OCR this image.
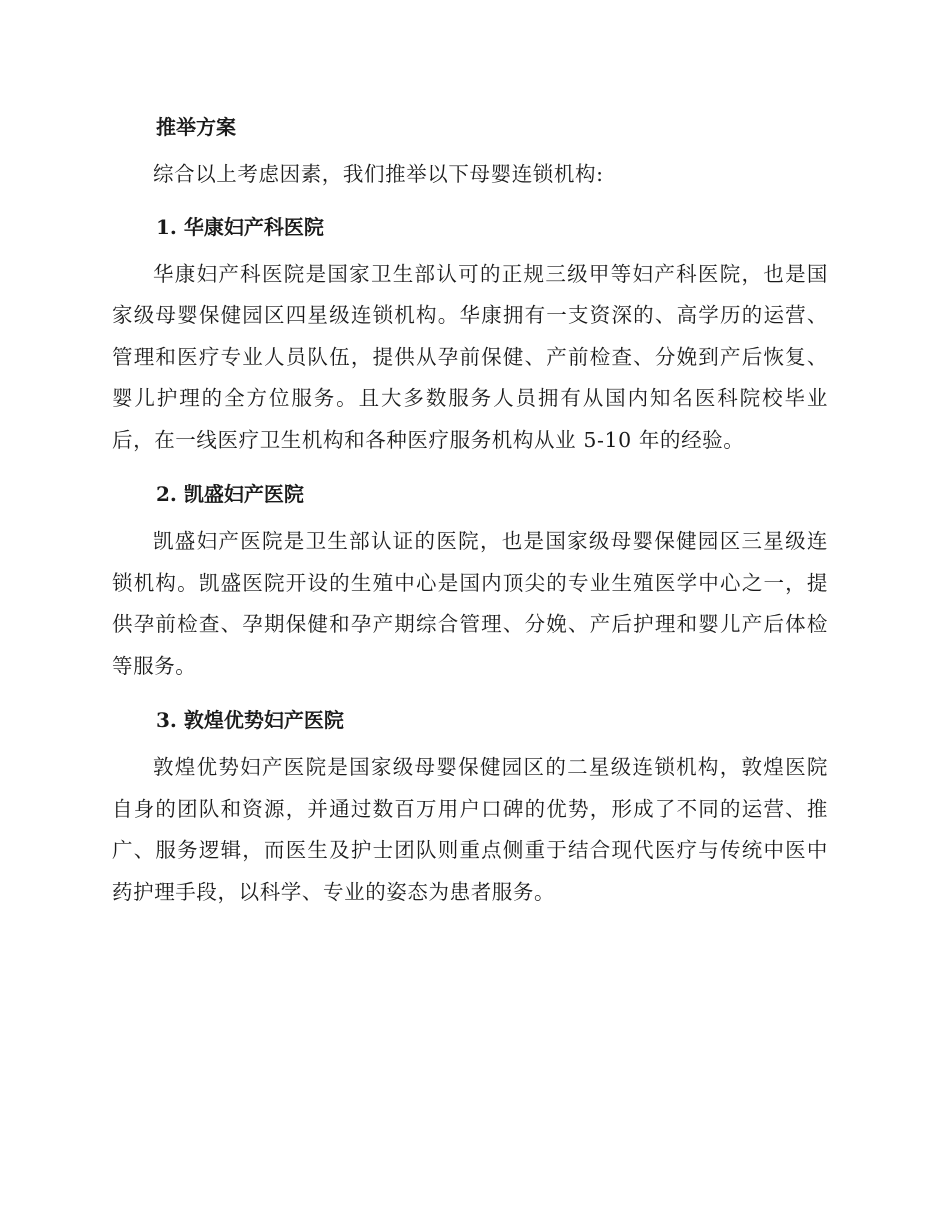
推举方案

综合以上考虑因素，我们推举以下母婴连锁机构:

1. 华康妇产科医院

华康妇产科医院是国家卫生部认可的正规三级甲等妇产科医院，也是国家级母婴保健园区四星级连锁机构。华康拥有一支资深的、高学历的运营、管理和医疗专业人员队伍，提供从孕前保健、产前检查、分娩到产后恢复、婴儿护理的全方位服务。且大多数服务人员拥有从国内知名医科院校毕业后，在一线医疗卫生机构和各种医疗服务机构从业 5-10 年的经验。

2. 凯盛妇产医院

凯盛妇产医院是卫生部认证的医院，也是国家级母婴保健园区三星级连锁机构。凯盛医院开设的生殖中心是国内顶尖的专业生殖医学中心之一，提供孕前检查、孕期保健和孕产期综合管理、分娩、产后护理和婴儿产后体检等服务。

3. 敦煌优势妇产医院

敦煌优势妇产医院是国家级母婴保健园区的二星级连锁机构，敦煌医院自身的团队和资源，并通过数百万用户口碑的优势，形成了不同的运营、推广、服务逻辑，而医生及护士团队则重点侧重于结合现代医疗与传统中医中药护理手段，以科学、专业的姿态为患者服务。
